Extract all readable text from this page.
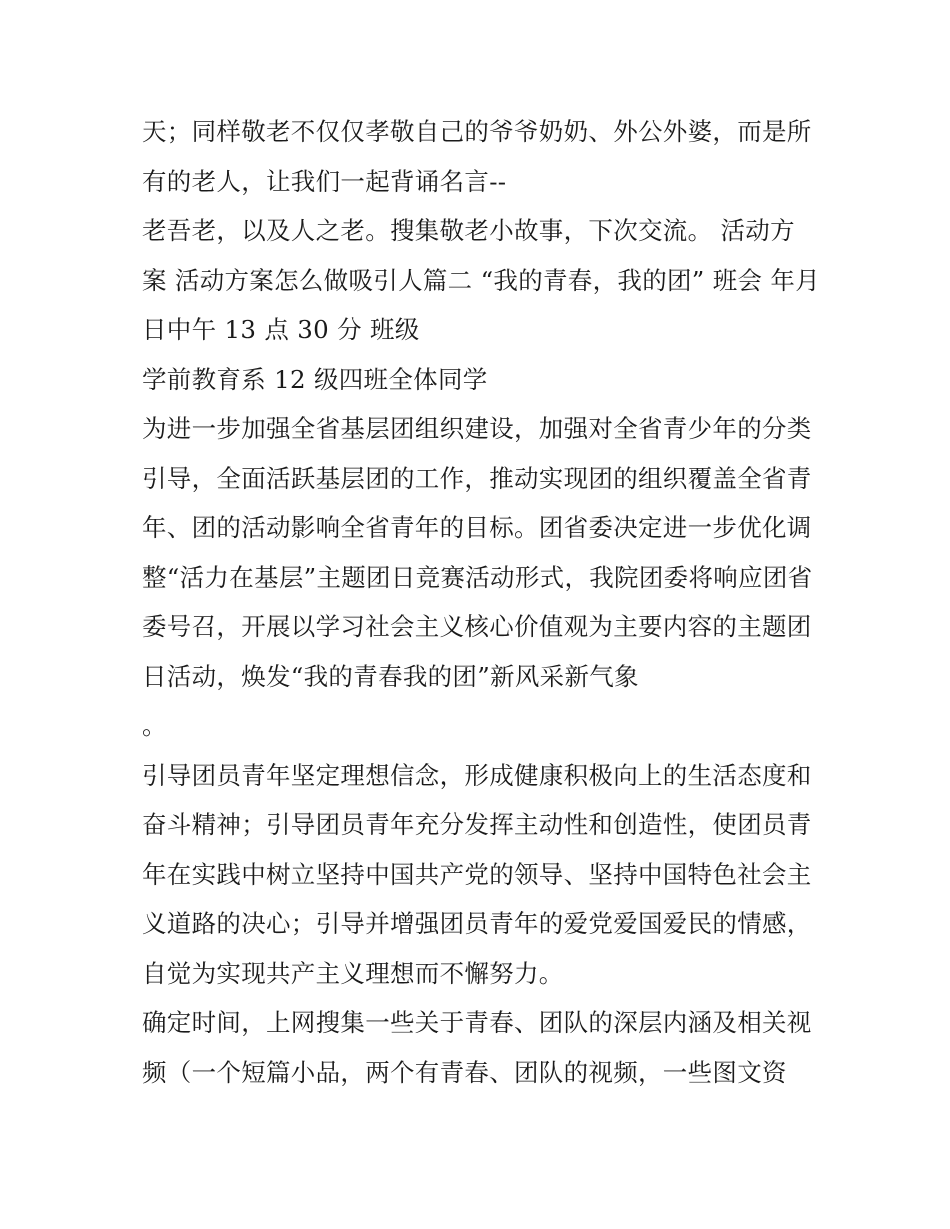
天；同样敬老不仅仅孝敬自己的爷爷奶奶、外公外婆，而是所
有的老人，让我们一起背诵名言--
老吾老，以及人之老。搜集敬老小故事，下次交流。 活动方
案 活动方案怎么做吸引人篇二 “我的青春，我的团” 班会 年月
日中午 13 点 30 分 班级
学前教育系 12 级四班全体同学
为进一步加强全省基层团组织建设，加强对全省青少年的分类
引导，全面活跃基层团的工作，推动实现团的组织覆盖全省青
年、团的活动影响全省青年的目标。团省委决定进一步优化调
整“活力在基层”主题团日竞赛活动形式，我院团委将响应团省
委号召，开展以学习社会主义核心价值观为主要内容的主题团
日活动，焕发“我的青春我的团”新风采新气象
。
引导团员青年坚定理想信念，形成健康积极向上的生活态度和
奋斗精神；引导团员青年充分发挥主动性和创造性，使团员青
年在实践中树立坚持中国共产党的领导、坚持中国特色社会主
义道路的决心；引导并增强团员青年的爱党爱国爱民的情感，
自觉为实现共产主义理想而不懈努力。
确定时间，上网搜集一些关于青春、团队的深层内涵及相关视
频（一个短篇小品，两个有青春、团队的视频，一些图文资
